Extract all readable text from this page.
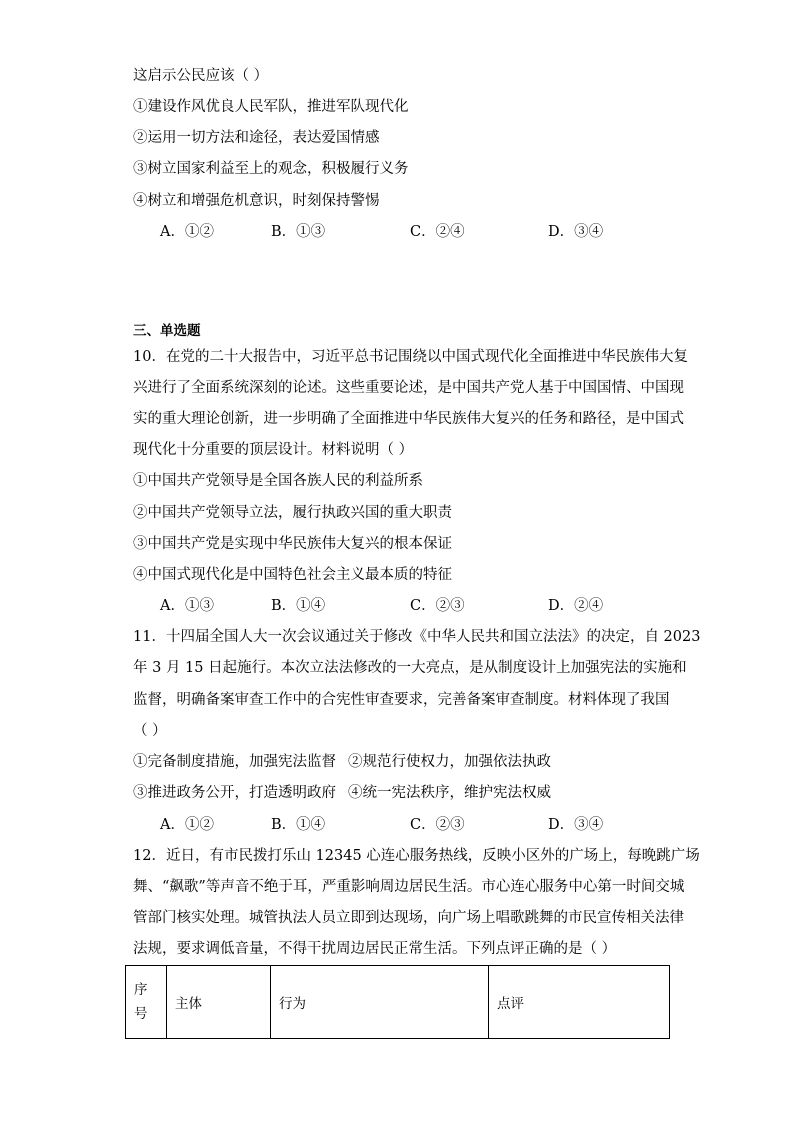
这启示公民应该（ ）
①建设作风优良人民军队，推进军队现代化
②运用一切方法和途径，表达爱国情感
③树立国家利益至上的观念，积极履行义务
④树立和增强危机意识，时刻保持警惕
A．①②	B．①③	C．②④	D．③④
三、单选题
10．在党的二十大报告中，习近平总书记围绕以中国式现代化全面推进中华民族伟大复
兴进行了全面系统深刻的论述。这些重要论述，是中国共产党人基于中国国情、中国现
实的重大理论创新，进一步明确了全面推进中华民族伟大复兴的任务和路径，是中国式
现代化十分重要的顶层设计。材料说明（ ）
①中国共产党领导是全国各族人民的利益所系
②中国共产党领导立法，履行执政兴国的重大职责
③中国共产党是实现中华民族伟大复兴的根本保证
④中国式现代化是中国特色社会主义最本质的特征
A．①③	B．①④	C．②③	D．②④
11．十四届全国人大一次会议通过关于修改《中华人民共和国立法法》的决定，自 2023
年 3 月 15 日起施行。本次立法法修改的一大亮点，是从制度设计上加强宪法的实施和
监督，明确备案审查工作中的合宪性审查要求，完善备案审查制度。材料体现了我国
（ ）
①完备制度措施，加强宪法监督 ②规范行使权力，加强依法执政
③推进政务公开，打造透明政府 ④统一宪法秩序，维护宪法权威
A．①②	B．①④	C．②③	D．③④
12．近日，有市民拨打乐山 12345 心连心服务热线，反映小区外的广场上，每晚跳广场
舞、“飙歌”等声音不绝于耳，严重影响周边居民生活。市心连心服务中心第一时间交城
管部门核实处理。城管执法人员立即到达现场，向广场上唱歌跳舞的市民宣传相关法律
法规，要求调低音量，不得干扰周边居民正常生活。下列点评正确的是（ ）
序号
	主体	行为	点评
